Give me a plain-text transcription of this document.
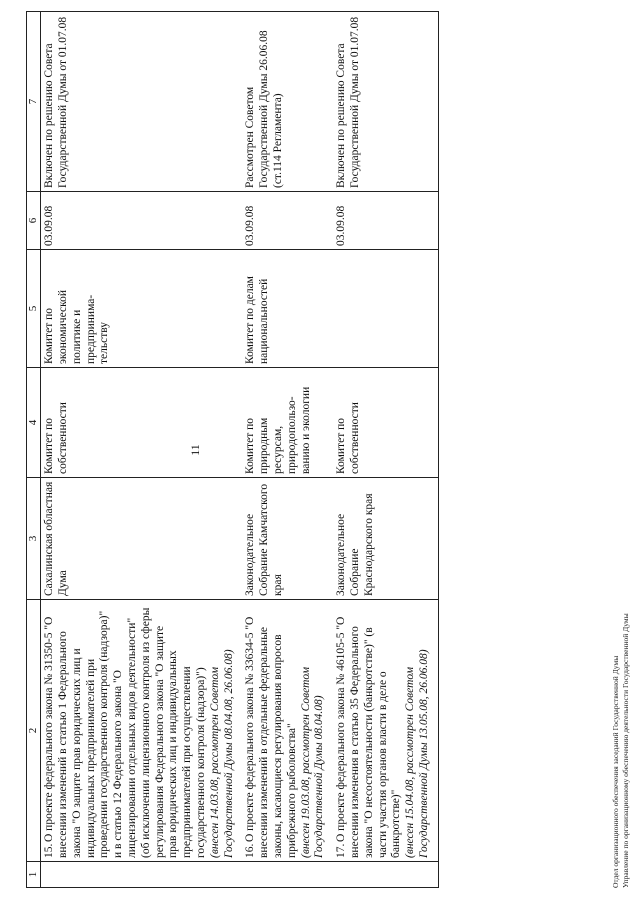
11
1	2	3	4	5	6	7
	15.О проекте федерального закона № 31350-5 "О внесении изменений в статью 1 Федерального закона "О защите прав юридических лиц и индивидуальных предпринимателей при проведении государственного контроля (надзора)" и в статью 12 Федерального закона "О лицензировании отдельных видов деятельности" (об исключении лицензионного контроля из сферы регулирования Федерального закона "О защите прав юридических лиц и индивидуальных предпринимателей при осуществлении государственного контроля (надзора)") (внесен 14.03.08, рассмотрен Советом Государственной Думы 08.04.08, 26.06.08)	Сахалинская областная Дума	Комитет по собственности	Комитет по экономической политике и предпринима-тельству	03.09.08	Включен по решению Совета Государственной Думы от 01.07.08
	16.О проекте федерального закона № 33634-5 "О внесении изменений в отдельные федеральные законы, касающиеся регулирования вопросов прибрежного рыболовства" (внесен 19.03.08, рассмотрен Советом Государственной Думы 08.04.08)	Законодательное Собрание Камчатского края	Комитет по природным ресурсам, природопользо-ванию и экологии	Комитет по делам национальностей	03.09.08	Рассмотрен Советом Государственной Думы 26.06.08 (ст.114 Регламента)
	17.О проекте федерального закона № 46105-5 "О внесении изменения в статью 35 Федерального закона "О несостоятельности (банкротстве)" (в части участия органов власти в деле о банкротстве)" (внесен 15.04.08, рассмотрен Советом Государственной Думы 13.05.08, 26.06.08)	Законодательное Собрание Краснодарского края	Комитет по собственности		03.09.08	Включен по решению Совета Государственной Думы от 01.07.08
Отдел организационного обеспечения заседаний Государственной Думы Управление по организационному обеспечению деятельности Государственной Думы
